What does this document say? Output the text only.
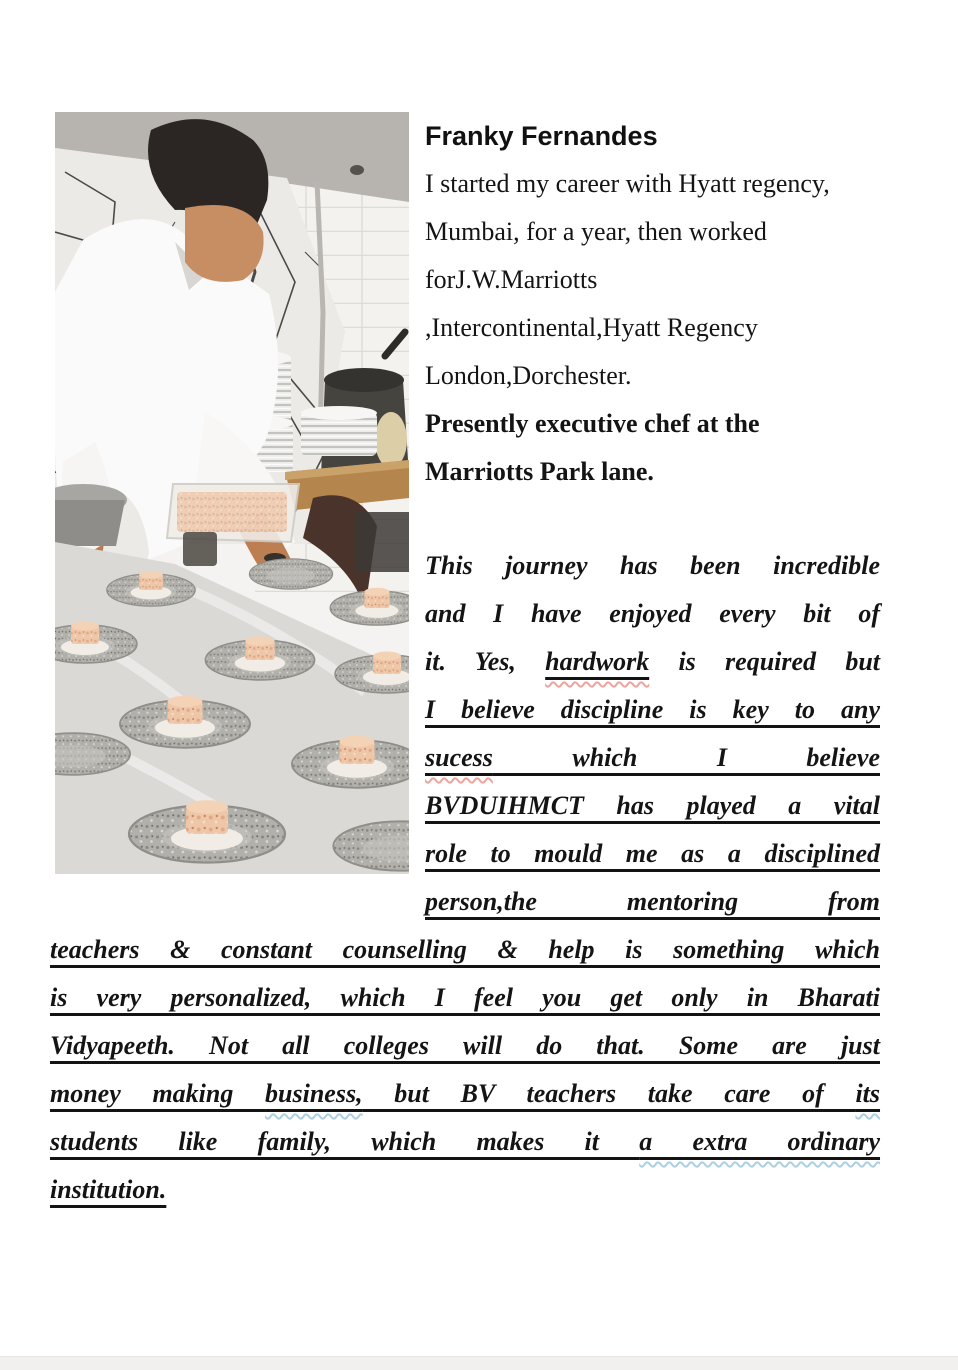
Franky Fernandes
I started my career with Hyatt regency,
Mumbai, for a year, then worked
forJ.W.Marriotts
,Intercontinental,Hyatt Regency
London,Dorchester.
Presently executive chef at the
Marriotts Park lane.
This journey has been incredible
and I have enjoyed every bit of
it. Yes, hardwork is required but
I believe discipline is key to any
sucess which I believe
BVDUIHMCT has played a vital
role to mould me as a disciplined
person,the mentoring from
teachers & constant counselling & help is something which
is very personalized, which I feel you get only in Bharati
Vidyapeeth. Not all colleges will do that. Some are just
money making business, but BV teachers take care of its
students like family, which makes it a extra ordinary
institution.
